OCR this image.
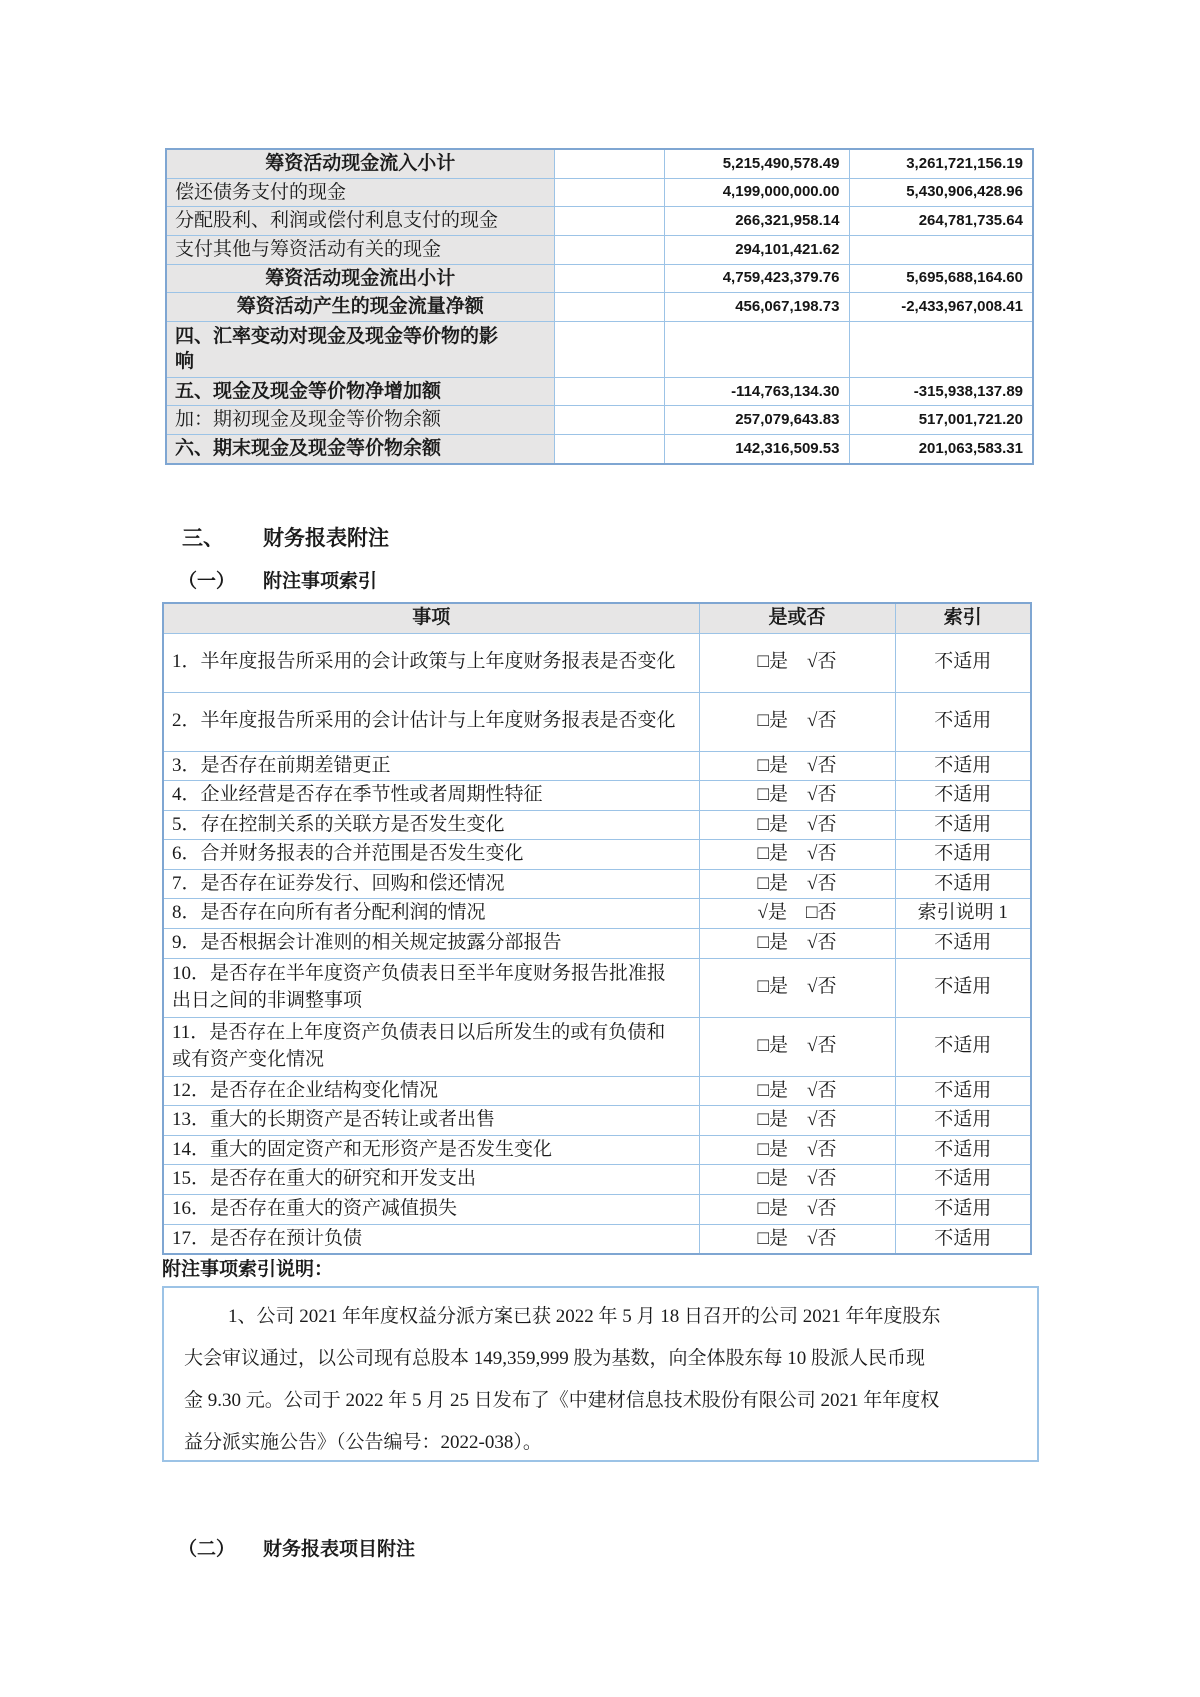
筹资活动现金流入小计		5,215,490,578.49	3,261,721,156.19
偿还债务支付的现金		4,199,000,000.00	5,430,906,428.96
分配股利、利润或偿付利息支付的现金		266,321,958.14	264,781,735.64
支付其他与筹资活动有关的现金		294,101,421.62	
筹资活动现金流出小计		4,759,423,379.76	5,695,688,164.60
筹资活动产生的现金流量净额		456,067,198.73	-2,433,967,008.41
四、汇率变动对现金及现金等价物的影响			
五、现金及现金等价物净增加额		-114,763,134.30	-315,938,137.89
加：期初现金及现金等价物余额		257,079,643.83	517,001,721.20
六、期末现金及现金等价物余额		142,316,509.53	201,063,583.31
三、 财务报表附注
（一） 附注事项索引
事项	是或否	索引
1．半年度报告所采用的会计政策与上年度财务报表是否变化	□是　√否	不适用
2．半年度报告所采用的会计估计与上年度财务报表是否变化	□是　√否	不适用
3．是否存在前期差错更正	□是　√否	不适用
4．企业经营是否存在季节性或者周期性特征	□是　√否	不适用
5．存在控制关系的关联方是否发生变化	□是　√否	不适用
6．合并财务报表的合并范围是否发生变化	□是　√否	不适用
7．是否存在证券发行、回购和偿还情况	□是　√否	不适用
8．是否存在向所有者分配利润的情况	√是　□否	索引说明 1
9．是否根据会计准则的相关规定披露分部报告	□是　√否	不适用
10．是否存在半年度资产负债表日至半年度财务报告批准报出日之间的非调整事项	□是　√否	不适用
11．是否存在上年度资产负债表日以后所发生的或有负债和或有资产变化情况	□是　√否	不适用
12．是否存在企业结构变化情况	□是　√否	不适用
13．重大的长期资产是否转让或者出售	□是　√否	不适用
14．重大的固定资产和无形资产是否发生变化	□是　√否	不适用
15．是否存在重大的研究和开发支出	□是　√否	不适用
16．是否存在重大的资产减值损失	□是　√否	不适用
17．是否存在预计负债	□是　√否	不适用
附注事项索引说明：
1、公司 2021 年年度权益分派方案已获 2022 年 5 月 18 日召开的公司 2021 年年度股东
大会审议通过，以公司现有总股本 149,359,999 股为基数，向全体股东每 10 股派人民币现
金 9.30 元。公司于 2022 年 5 月 25 日发布了《中建材信息技术股份有限公司 2021 年年度权
益分派实施公告》（公告编号：2022-038）。
（二） 财务报表项目附注
